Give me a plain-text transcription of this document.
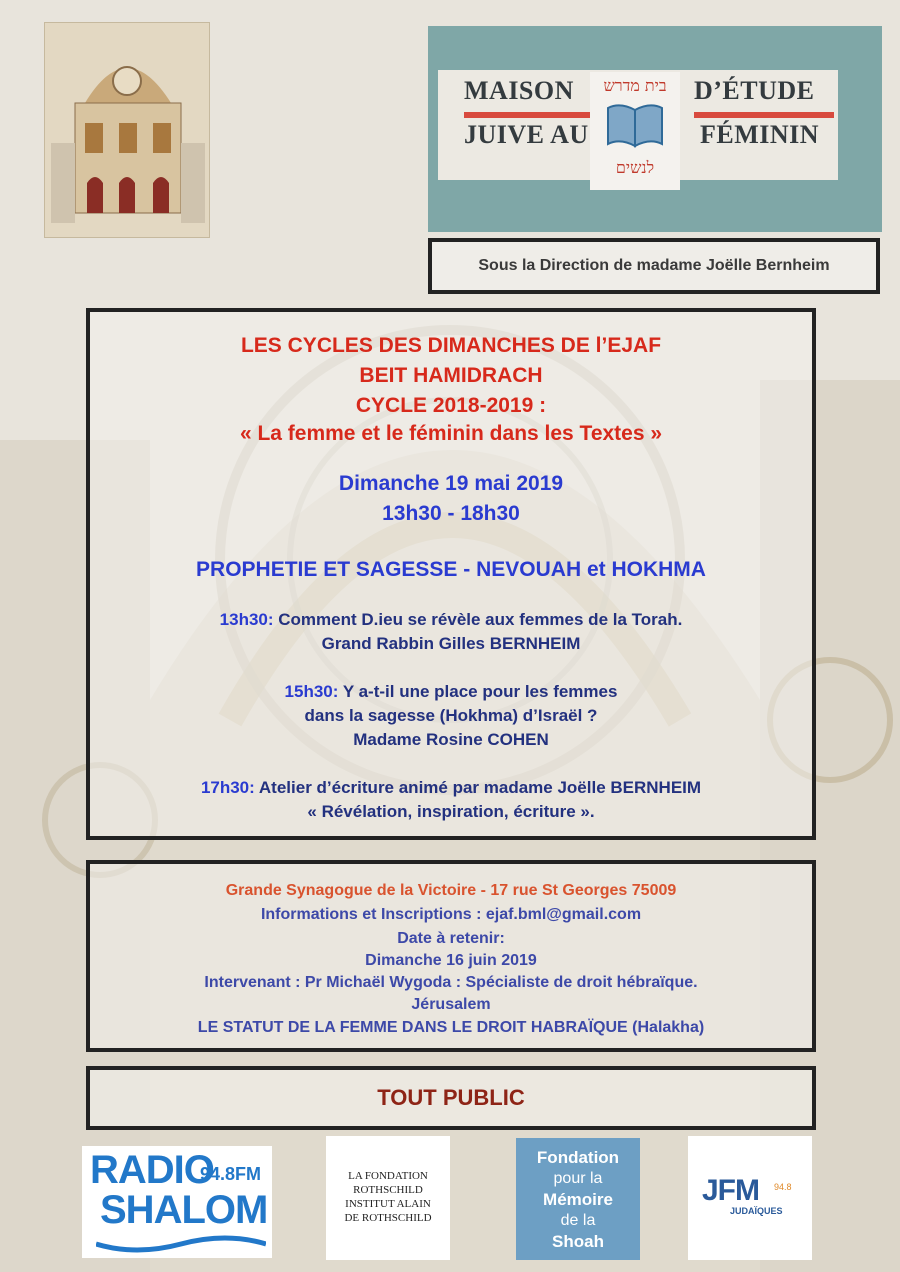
MAISON
JUIVE AU
D’ÉTUDE
FÉMININ
בית מדרש
לנשים
Sous la Direction de madame Joëlle Bernheim
LES CYCLES DES DIMANCHES DE l’EJAF
BEIT HAMIDRACH
CYCLE 2018-2019 :
« La femme et le féminin dans les Textes »
Dimanche 19 mai 2019
13h30 - 18h30
PROPHETIE ET SAGESSE - NEVOUAH et HOKHMA
13h30: Comment D.ieu se révèle aux femmes de la Torah.
Grand Rabbin Gilles BERNHEIM
15h30: Y a-t-il une place pour les femmes
dans la sagesse (Hokhma) d’Israël ?
Madame Rosine COHEN
17h30: Atelier d’écriture animé par madame Joëlle BERNHEIM
« Révélation, inspiration, écriture ».
Grande Synagogue de la Victoire - 17 rue St Georges 75009
Informations et Inscriptions : ejaf.bml@gmail.com
Date à retenir:
Dimanche 16 juin 2019
Intervenant : Pr Michaël Wygoda : Spécialiste de droit hébraïque.
Jérusalem
LE STATUT DE LA FEMME DANS LE DROIT HABRAÏQUE (Halakha)
TOUT PUBLIC
RADIO
94.8FM
SHALOM
LA FONDATION
ROTHSCHILD
INSTITUT ALAIN
DE ROTHSCHILD
Fondation
pour la
Mémoire
de la
Shoah
JFM 94.8
JUDAÏQUES
